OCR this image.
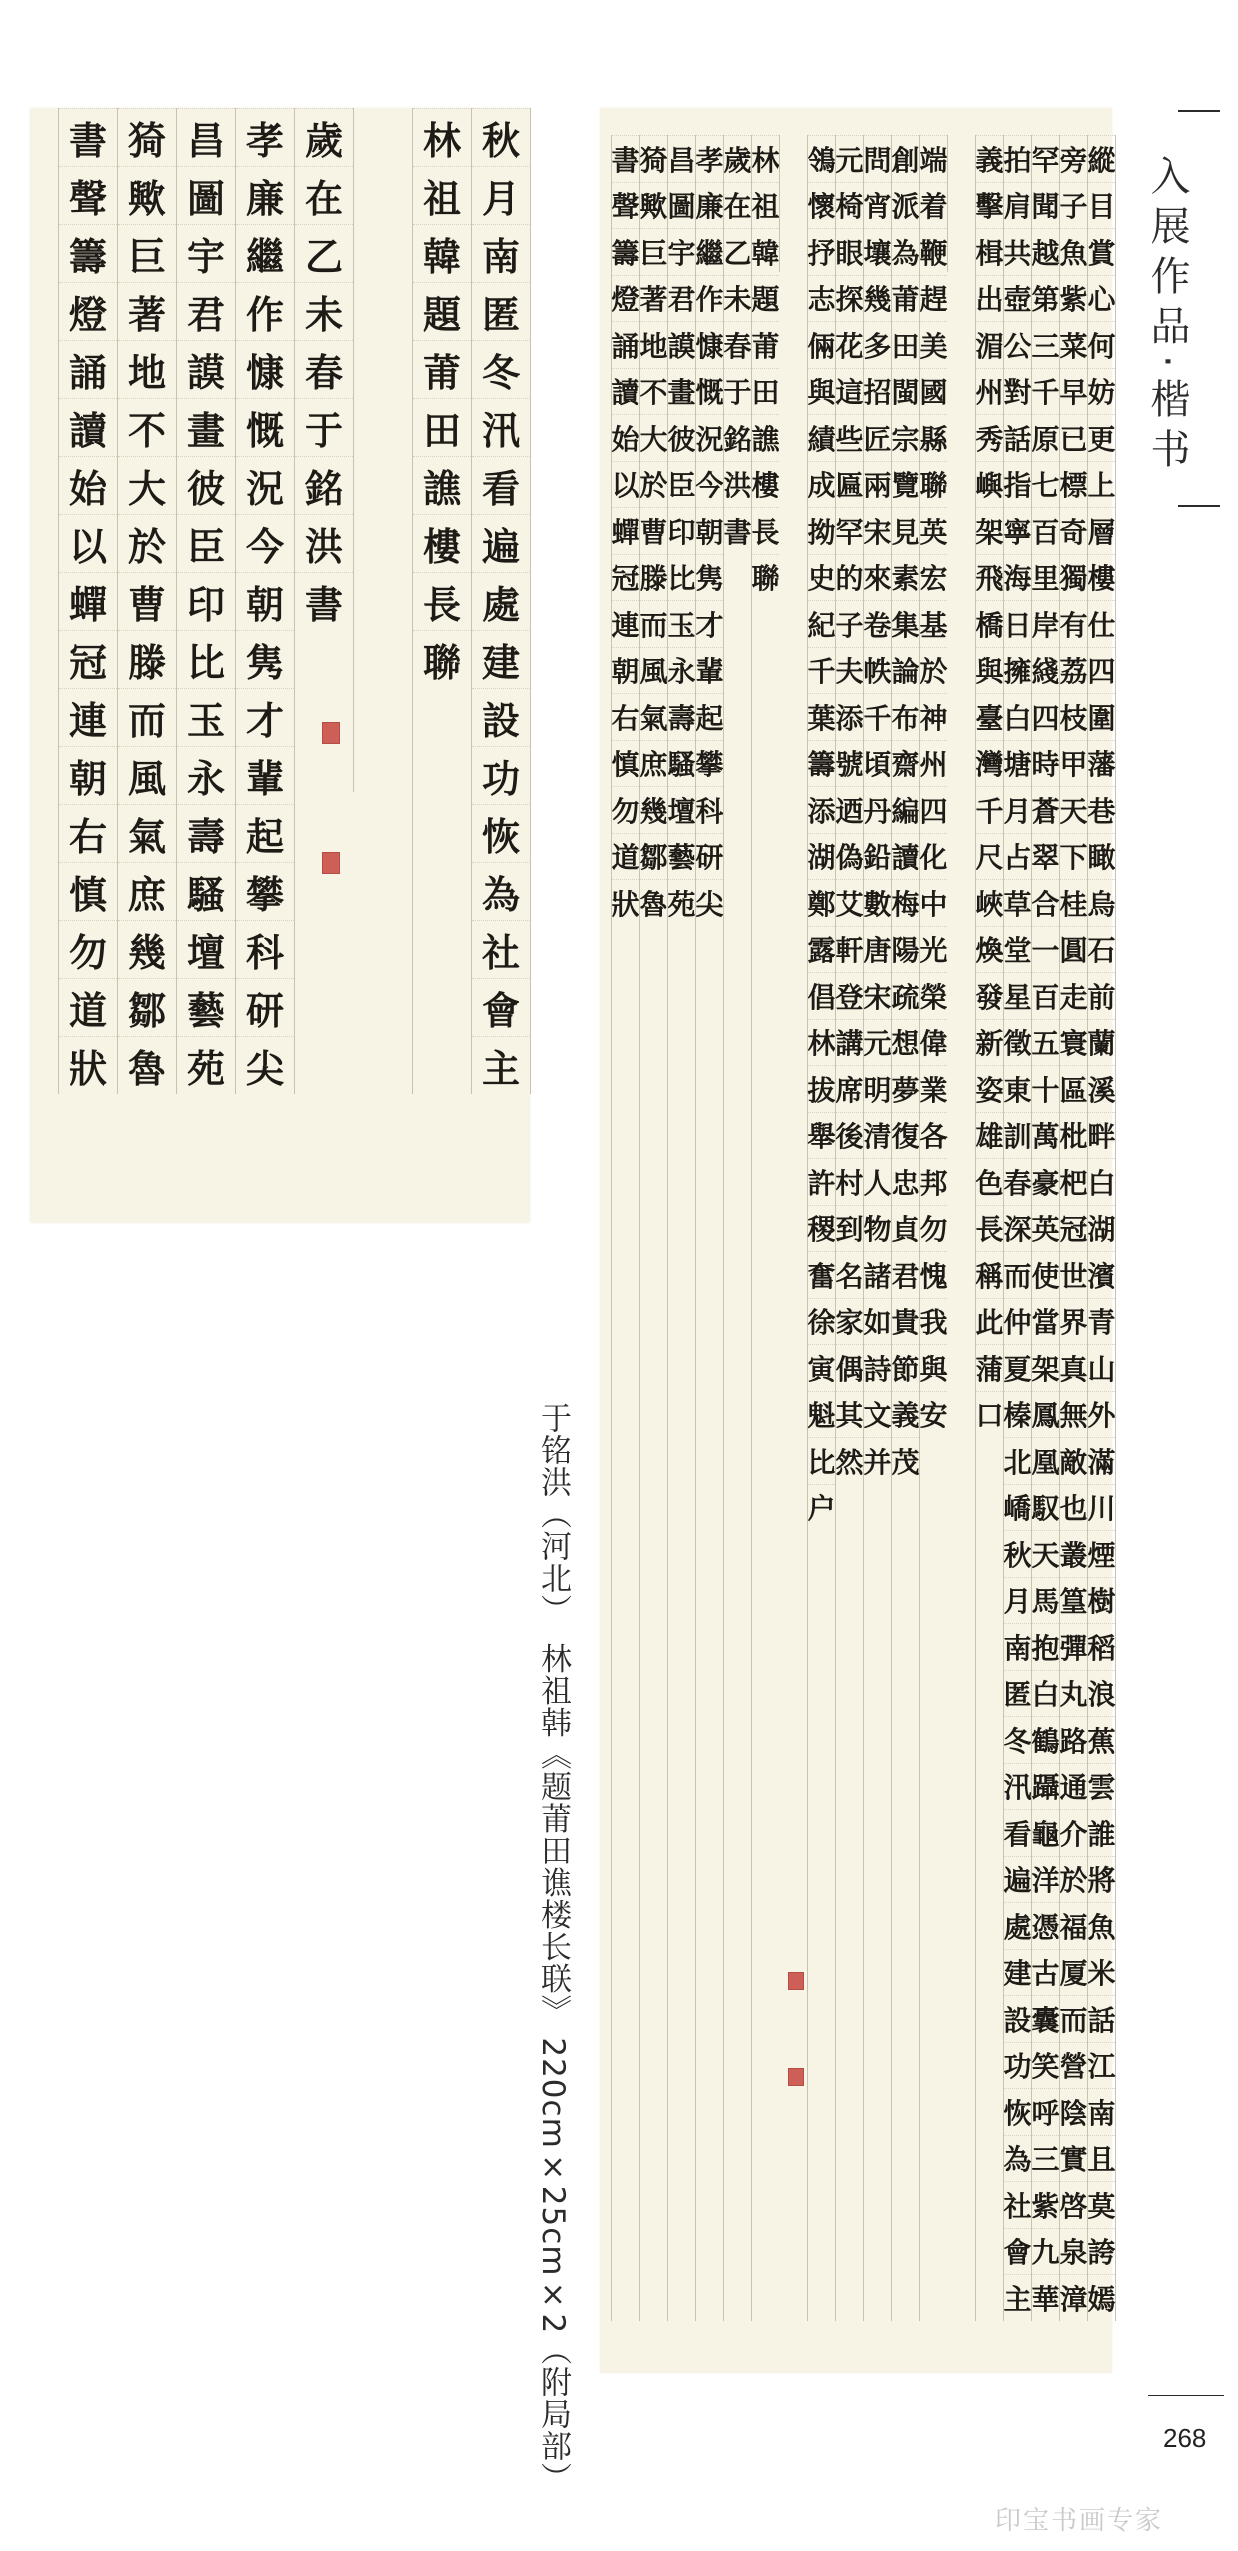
入展作品·楷书
秋
月
南
匿
冬
汛
看
遍
處
建
設
功
恢
為
社
會
主
林
祖
韓
題
莆
田
譙
樓
長
聯
歲
在
乙
未
春
于
銘
洪
書
孝
廉
繼
作
慷
慨
況
今
朝
隽
才
輩
起
攀
科
研
尖
昌
圖
宇
君
謨
畫
彼
臣
印
比
玉
永
壽
騷
壇
藝
苑
猗
歟
巨
著
地
不
大
於
曹
滕
而
風
氣
庶
幾
鄒
魯
書
聲
籌
燈
誦
讀
始
以
蟬
冠
連
朝
右
慎
勿
道
狀
縱
目
賞
心
何
妨
更
上
層
樓
仕
四
圍
藩
巷
瞰
烏
石
前
蘭
溪
畔
白
湖
濱
青
山
外
滿
川
煙
樹
稻
浪
蕉
雲
誰
將
魚
米
話
江
南
且
莫
誇
嫣
旁
子
魚
紫
菜
早
已
標
奇
獨
有
荔
枝
甲
天
下
桂
圓
走
寰
區
枇
杷
冠
世
界
真
無
敵
也
叢
篁
彈
丸
路
通
介
於
福
厦
而
營
陰
實
啓
泉
漳
罕
聞
越
第
三
千
原
七
百
里
岸
綫
四
時
蒼
翠
合
一
百
五
十
萬
豪
英
使
當
架
鳳
凰
馭
天
馬
抱
白
鶴
躡
龜
洋
憑
古
囊
笑
呼
三
紫
九
華
拍
肩
共
壺
公
對
話
指
寧
海
日
擁
白
塘
月
占
草
堂
星
徵
東
訓
春
深
而
仲
夏
榛
北
嶠
秋
月
南
匿
冬
汛
看
遍
處
建
設
功
恢
為
社
會
主
義
擊
楫
出
湄
州
秀
嶼
架
飛
橋
與
臺
灣
千
尺
峽
煥
發
新
姿
雄
色
長
稱
此
蒲
口
端
着
鞭
趕
美
國
縣
聯
英
宏
基
於
神
州
四
化
中
光
榮
偉
業
各
邦
勿
愧
我
與
安
創
派
為
莆
田
閩
宗
覽
見
素
集
論
布
齋
編
讀
梅
陽
疏
想
夢
復
忠
貞
君
貴
節
義
茂
問
宵
壤
幾
多
招
匠
兩
宋
來
卷
帙
千
頃
丹
鉛
數
唐
宋
元
明
清
人
物
諸
如
詩
文
并
元
椅
眼
探
花
這
些
匾
罕
的
子
夫
添
號
迺
偽
艾
軒
登
講
席
後
村
到
名
家
偶
其
然
鴒
懷
抒
志
倆
與
績
成
拗
史
紀
千
葉
籌
添
湖
鄭
露
倡
林
拔
舉
許
稷
奮
徐
寅
魁
比
户
林
祖
韓
題
莆
田
譙
樓
長
聯
歲
在
乙
未
春
于
銘
洪
書
孝
廉
繼
作
慷
慨
況
今
朝
隽
才
輩
起
攀
科
研
尖
昌
圖
宇
君
謨
畫
彼
臣
印
比
玉
永
壽
騷
壇
藝
苑
猗
歟
巨
著
地
不
大
於
曹
滕
而
風
氣
庶
幾
鄒
魯
書
聲
籌
燈
誦
讀
始
以
蟬
冠
連
朝
右
慎
勿
道
狀
于铭洪（河北）　林祖韩《题莆田谯楼长联》 220cm×25cm×2（附局部）	268
印宝书画专家
